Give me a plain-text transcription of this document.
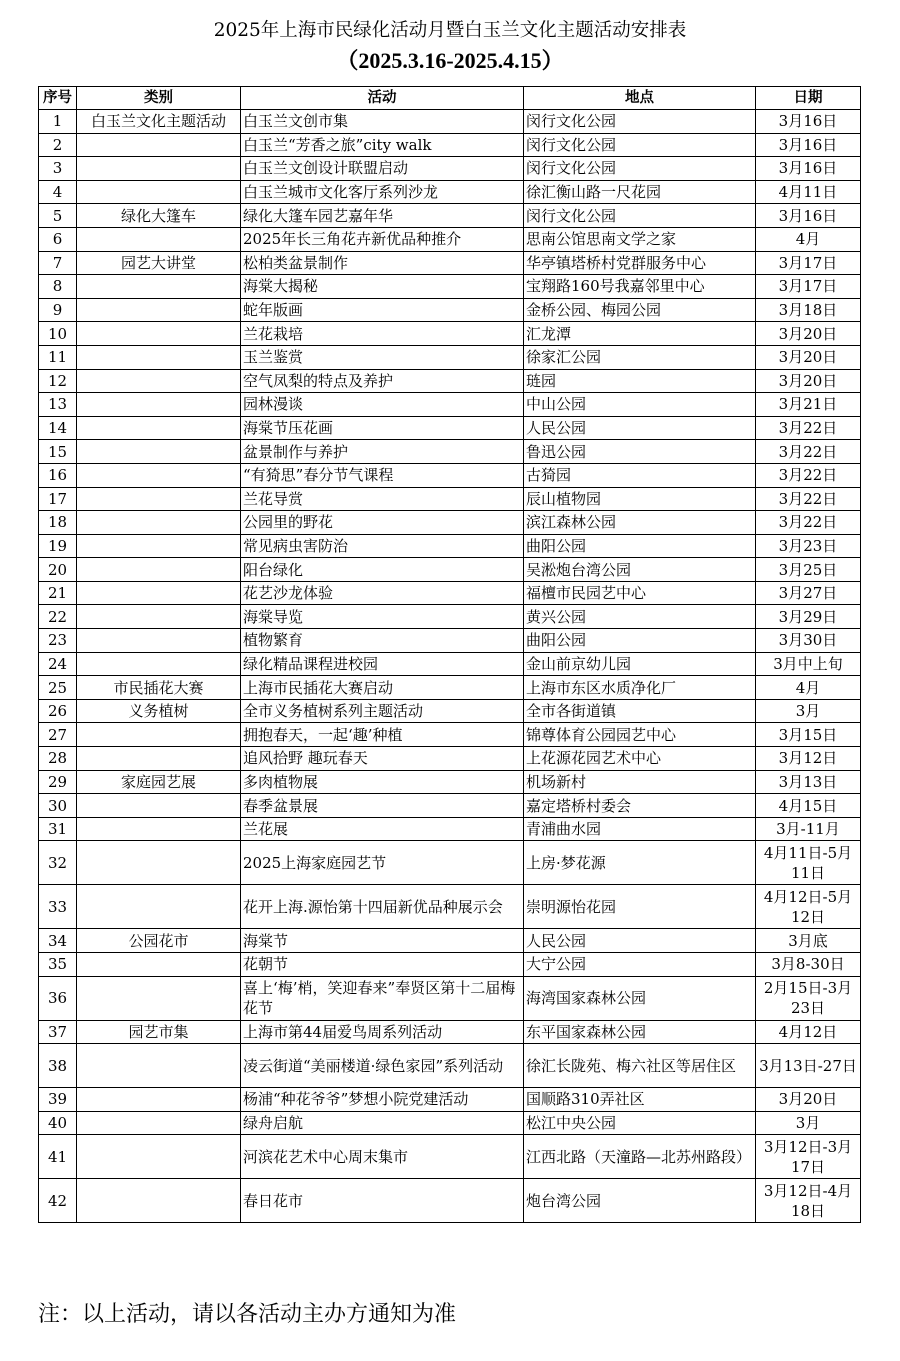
2025年上海市民绿化活动月暨白玉兰文化主题活动安排表
（2025.3.16-2025.4.15）
序号	类别	活动	地点	日期
1	白玉兰文化主题活动	白玉兰文创市集	闵行文化公园	3月16日
2		白玉兰“芳香之旅”city walk	闵行文化公园	3月16日
3		白玉兰文创设计联盟启动	闵行文化公园	3月16日
4		白玉兰城市文化客厅系列沙龙	徐汇衡山路一尺花园	4月11日
5	绿化大篷车	绿化大篷车园艺嘉年华	闵行文化公园	3月16日
6		2025年长三角花卉新优品种推介	思南公馆思南文学之家	4月
7	园艺大讲堂	松柏类盆景制作	华亭镇塔桥村党群服务中心	3月17日
8		海棠大揭秘	宝翔路160号我嘉邻里中心	3月17日
9		蛇年版画	金桥公园、梅园公园	3月18日
10		兰花栽培	汇龙潭	3月20日
11		玉兰鉴赏	徐家汇公园	3月20日
12		空气凤梨的特点及养护	琏园	3月20日
13		园林漫谈	中山公园	3月21日
14		海棠节压花画	人民公园	3月22日
15		盆景制作与养护	鲁迅公园	3月22日
16		“有猗思”春分节气课程	古猗园	3月22日
17		兰花导赏	辰山植物园	3月22日
18		公园里的野花	滨江森林公园	3月22日
19		常见病虫害防治	曲阳公园	3月23日
20		阳台绿化	吴淞炮台湾公园	3月25日
21		花艺沙龙体验	福檀市民园艺中心	3月27日
22		海棠导览	黄兴公园	3月29日
23		植物繁育	曲阳公园	3月30日
24		绿化精品课程进校园	金山前京幼儿园	3月中上旬
25	市民插花大赛	上海市民插花大赛启动	上海市东区水质净化厂	4月
26	义务植树	全市义务植树系列主题活动	全市各街道镇	3月
27		拥抱春天，一起‘趣’种植	锦尊体育公园园艺中心	3月15日
28		追风拾野 趣玩春天	上花源花园艺术中心	3月12日
29	家庭园艺展	多肉植物展	机场新村	3月13日
30		春季盆景展	嘉定塔桥村委会	4月15日
31		兰花展	青浦曲水园	3月-11月
32		2025上海家庭园艺节	上房·梦花源	4月11日-5月11日
33		花开上海.源怡第十四届新优品种展示会	崇明源怡花园	4月12日-5月12日
34	公园花市	海棠节	人民公园	3月底
35		花朝节	大宁公园	3月8-30日
36		喜上‘梅’梢，笑迎春来”奉贤区第十二届梅花节	海湾国家森林公园	2月15日-3月23日
37	园艺市集	上海市第44届爱鸟周系列活动	东平国家森林公园	4月12日
38		凌云街道“美丽楼道·绿色家园”系列活动	徐汇长陇苑、梅六社区等居住区	3月13日-27日
39		杨浦“种花爷爷”梦想小院党建活动	国顺路310弄社区	3月20日
40		绿舟启航	松江中央公园	3月
41		河滨花艺术中心周末集市	江西北路（天潼路—北苏州路段）	3月12日-3月17日
42		春日花市	炮台湾公园	3月12日-4月18日
注：以上活动，请以各活动主办方通知为准
